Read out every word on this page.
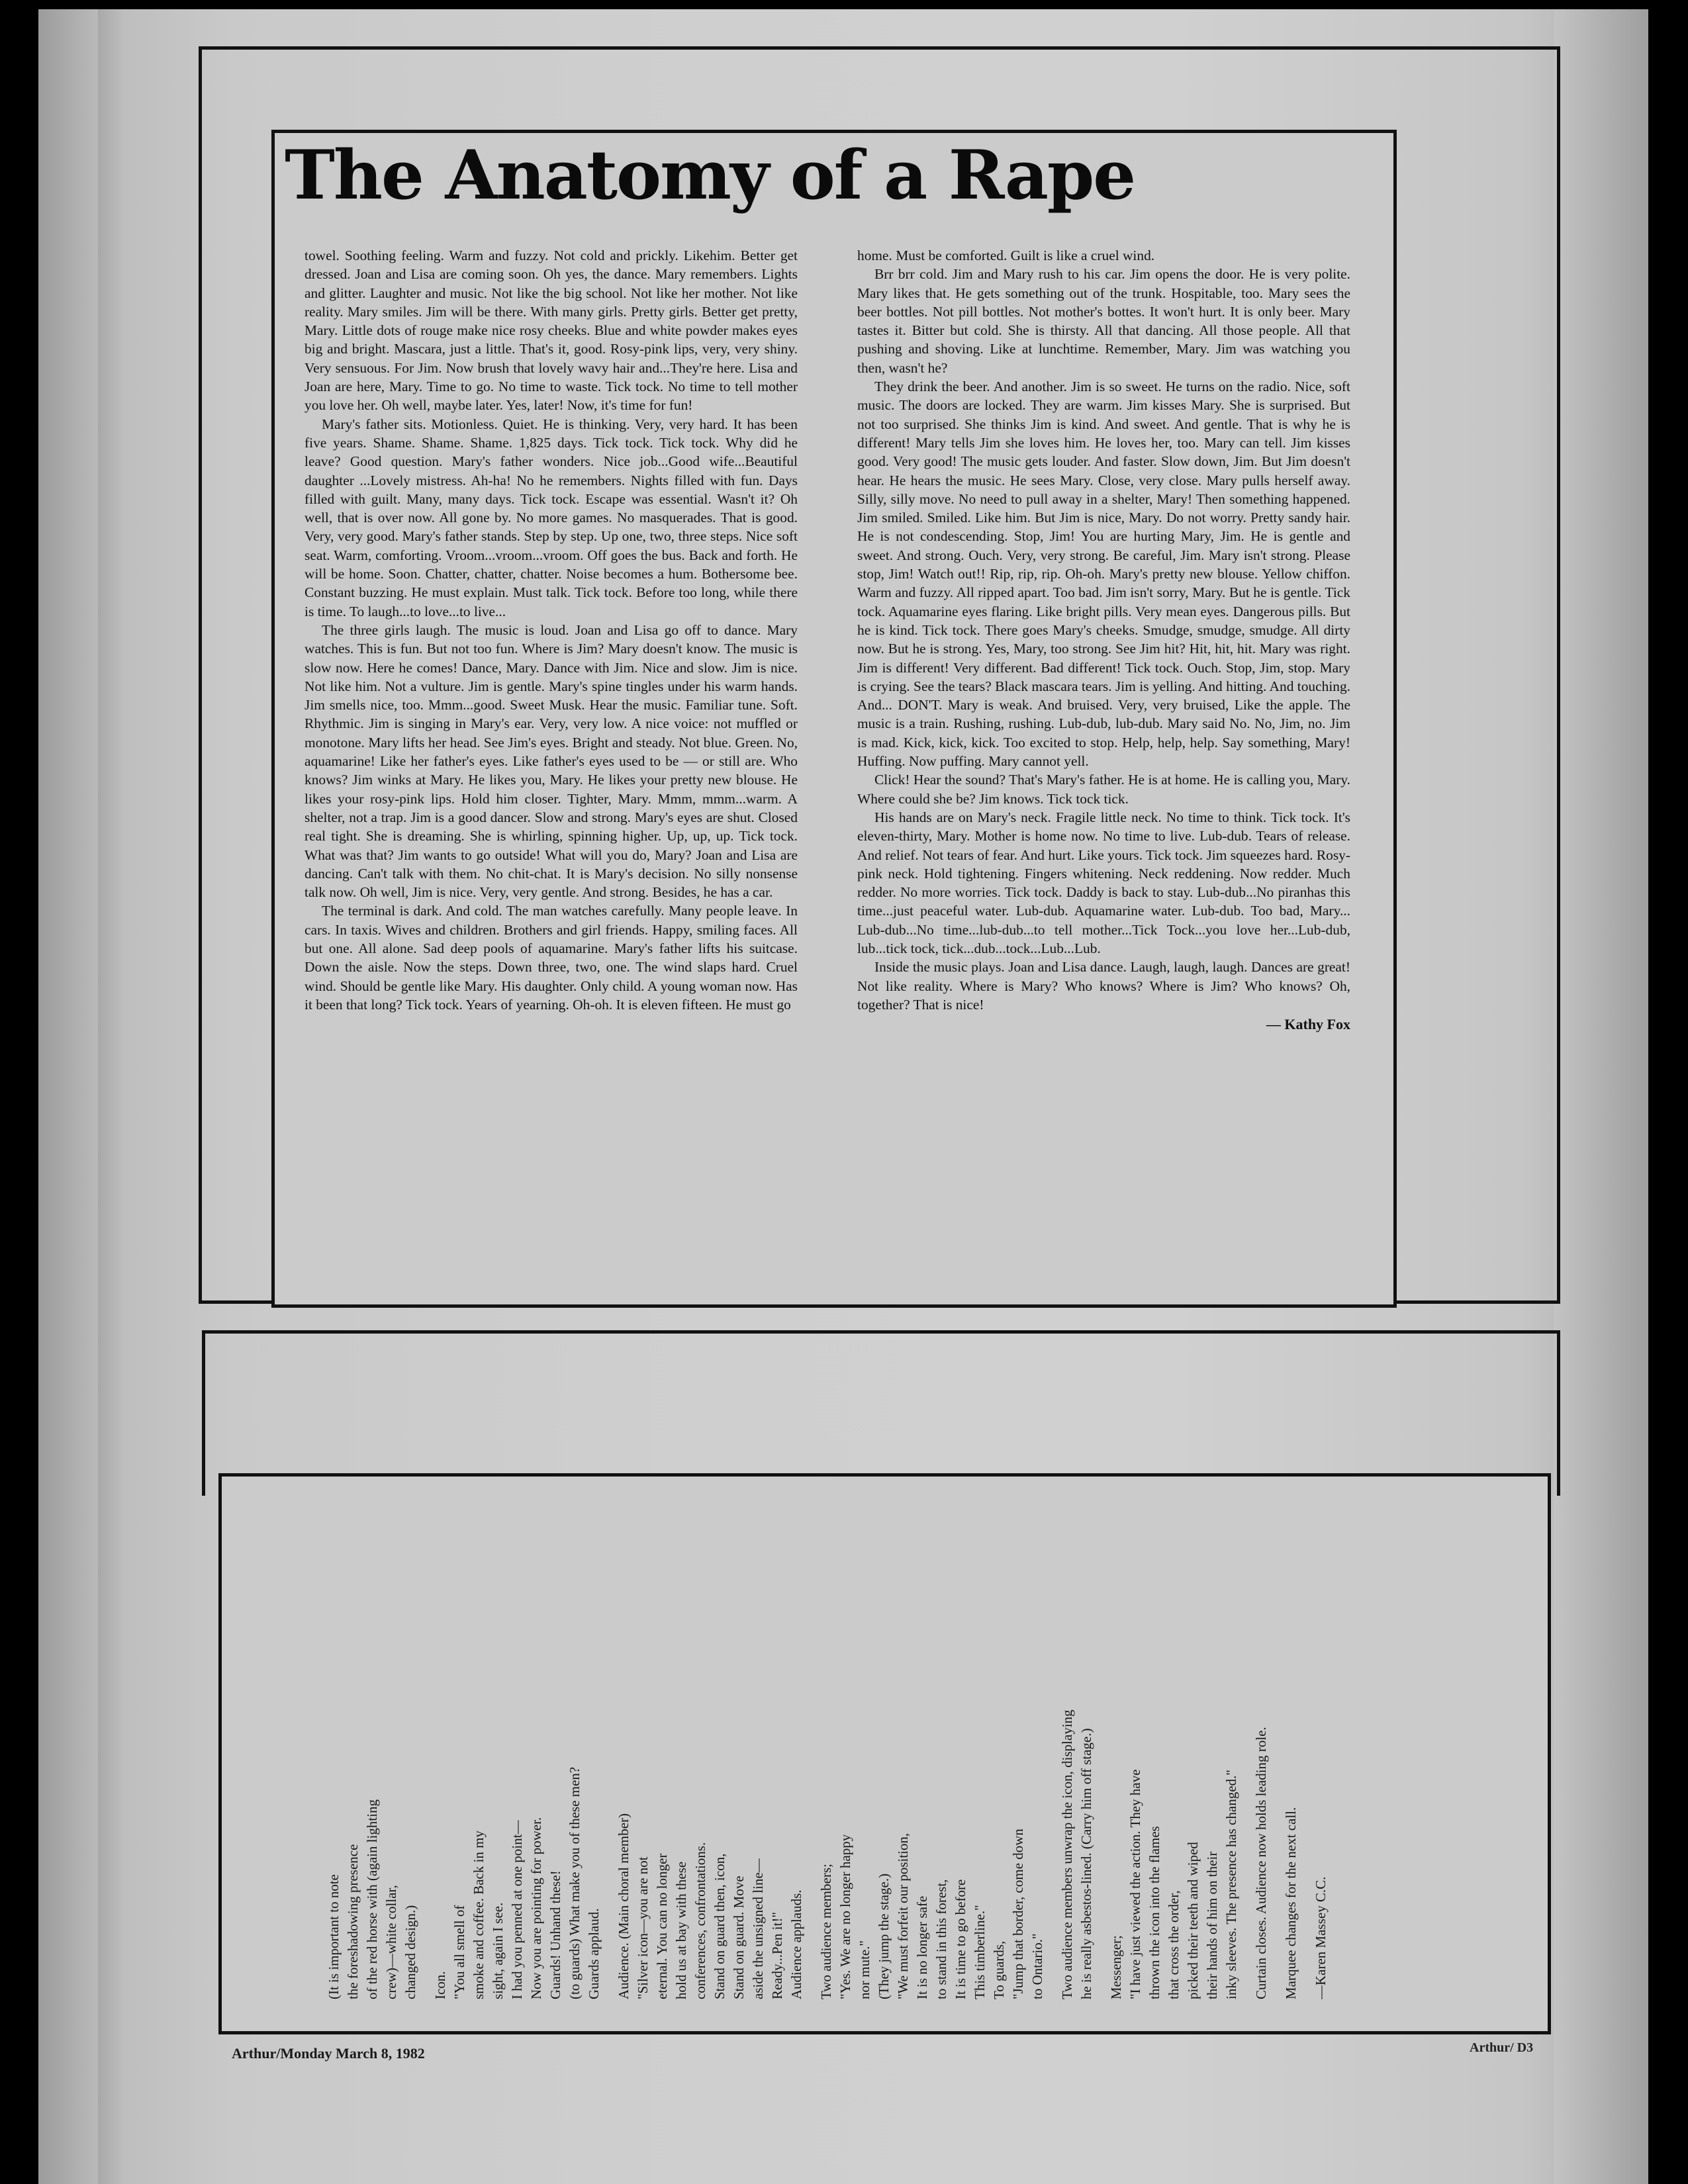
The Anatomy of a Rape

towel. Soothing feeling. Warm and fuzzy. Not cold and prickly. Likehim. Better get dressed. Joan and Lisa are coming soon. Oh yes, the dance. Mary remembers. Lights and glitter. Laughter and music. Not like the big school. Not like her mother. Not like reality. Mary smiles. Jim will be there. With many girls. Pretty girls. Better get pretty, Mary. Little dots of rouge make nice rosy cheeks. Blue and white powder makes eyes big and bright. Mascara, just a little. That's it, good. Rosy-pink lips, very, very shiny. Very sensuous. For Jim. Now brush that lovely wavy hair and...They're here. Lisa and Joan are here, Mary. Time to go. No time to waste. Tick tock. No time to tell mother you love her. Oh well, maybe later. Yes, later! Now, it's time for fun!

Mary's father sits. Motionless. Quiet. He is thinking. Very, very hard. It has been five years. Shame. Shame. Shame. 1,825 days. Tick tock. Tick tock. Why did he leave? Good question. Mary's father wonders. Nice job...Good wife...Beautiful daughter ...Lovely mistress. Ah-ha! No he remembers. Nights filled with fun. Days filled with guilt. Many, many days. Tick tock. Escape was essential. Wasn't it? Oh well, that is over now. All gone by. No more games. No masquerades. That is good. Very, very good. Mary's father stands. Step by step. Up one, two, three steps. Nice soft seat. Warm, comforting. Vroom...vroom...vroom. Off goes the bus. Back and forth. He will be home. Soon. Chatter, chatter, chatter. Noise becomes a hum. Bothersome bee. Constant buzzing. He must explain. Must talk. Tick tock. Before too long, while there is time. To laugh...to love...to live...

The three girls laugh. The music is loud. Joan and Lisa go off to dance. Mary watches. This is fun. But not too fun. Where is Jim? Mary doesn't know. The music is slow now. Here he comes! Dance, Mary. Dance with Jim. Nice and slow. Jim is nice. Not like him. Not a vulture. Jim is gentle. Mary's spine tingles under his warm hands. Jim smells nice, too. Mmm...good. Sweet Musk. Hear the music. Familiar tune. Soft. Rhythmic. Jim is singing in Mary's ear. Very, very low. A nice voice: not muffled or monotone. Mary lifts her head. See Jim's eyes. Bright and steady. Not blue. Green. No, aquamarine! Like her father's eyes. Like father's eyes used to be — or still are. Who knows? Jim winks at Mary. He likes you, Mary. He likes your pretty new blouse. He likes your rosy-pink lips. Hold him closer. Tighter, Mary. Mmm, mmm...warm. A shelter, not a trap. Jim is a good dancer. Slow and strong. Mary's eyes are shut. Closed real tight. She is dreaming. She is whirling, spinning higher. Up, up, up. Tick tock. What was that? Jim wants to go outside! What will you do, Mary? Joan and Lisa are dancing. Can't talk with them. No chit-chat. It is Mary's decision. No silly nonsense talk now. Oh well, Jim is nice. Very, very gentle. And strong. Besides, he has a car.

The terminal is dark. And cold. The man watches carefully. Many people leave. In cars. In taxis. Wives and children. Brothers and girl friends. Happy, smiling faces. All but one. All alone. Sad deep pools of aquamarine. Mary's father lifts his suitcase. Down the aisle. Now the steps. Down three, two, one. The wind slaps hard. Cruel wind. Should be gentle like Mary. His daughter. Only child. A young woman now. Has it been that long? Tick tock. Years of yearning. Oh-oh. It is eleven fifteen. He must go

home. Must be comforted. Guilt is like a cruel wind.

Brr brr cold. Jim and Mary rush to his car. Jim opens the door. He is very polite. Mary likes that. He gets something out of the trunk. Hospitable, too. Mary sees the beer bottles. Not pill bottles. Not mother's bottes. It won't hurt. It is only beer. Mary tastes it. Bitter but cold. She is thirsty. All that dancing. All those people. All that pushing and shoving. Like at lunchtime. Remember, Mary. Jim was watching you then, wasn't he?

They drink the beer. And another. Jim is so sweet. He turns on the radio. Nice, soft music. The doors are locked. They are warm. Jim kisses Mary. She is surprised. But not too surprised. She thinks Jim is kind. And sweet. And gentle. That is why he is different! Mary tells Jim she loves him. He loves her, too. Mary can tell. Jim kisses good. Very good! The music gets louder. And faster. Slow down, Jim. But Jim doesn't hear. He hears the music. He sees Mary. Close, very close. Mary pulls herself away. Silly, silly move. No need to pull away in a shelter, Mary! Then something happened. Jim smiled. Smiled. Like him. But Jim is nice, Mary. Do not worry. Pretty sandy hair. He is not condescending. Stop, Jim! You are hurting Mary, Jim. He is gentle and sweet. And strong. Ouch. Very, very strong. Be careful, Jim. Mary isn't strong. Please stop, Jim! Watch out!! Rip, rip, rip. Oh-oh. Mary's pretty new blouse. Yellow chiffon. Warm and fuzzy. All ripped apart. Too bad. Jim isn't sorry, Mary. But he is gentle. Tick tock. Aquamarine eyes flaring. Like bright pills. Very mean eyes. Dangerous pills. But he is kind. Tick tock. There goes Mary's cheeks. Smudge, smudge, smudge. All dirty now. But he is strong. Yes, Mary, too strong. See Jim hit? Hit, hit, hit. Mary was right. Jim is different! Very different. Bad different! Tick tock. Ouch. Stop, Jim, stop. Mary is crying. See the tears? Black mascara tears. Jim is yelling. And hitting. And touching. And... DON'T. Mary is weak. And bruised. Very, very bruised, Like the apple. The music is a train. Rushing, rushing. Lub-dub, lub-dub. Mary said No. No, Jim, no. Jim is mad. Kick, kick, kick. Too excited to stop. Help, help, help. Say something, Mary! Huffing. Now puffing. Mary cannot yell.

Click! Hear the sound? That's Mary's father. He is at home. He is calling you, Mary. Where could she be? Jim knows. Tick tock tick.

His hands are on Mary's neck. Fragile little neck. No time to think. Tick tock. It's eleven-thirty, Mary. Mother is home now. No time to live. Lub-dub. Tears of release. And relief. Not tears of fear. And hurt. Like yours. Tick tock. Jim squeezes hard. Rosy-pink neck. Hold tightening. Fingers whitening. Neck reddening. Now redder. Much redder. No more worries. Tick tock. Daddy is back to stay. Lub-dub...No piranhas this time...just peaceful water. Lub-dub. Aquamarine water. Lub-dub. Too bad, Mary... Lub-dub...No time...lub-dub...to tell mother...Tick Tock...you love her...Lub-dub, lub...tick tock, tick...dub...tock...Lub...Lub.

Inside the music plays. Joan and Lisa dance. Laugh, laugh, laugh. Dances are great! Not like reality. Where is Mary? Who knows? Where is Jim? Who knows? Oh, together? That is nice!

— Kathy Fox
(It is important to note the foreshadowing presence of the red horse with (again lighting crew)—white collar, changed design.) Icon. "You all smell of smoke and coffee. Back in my sight, again I see. I had you penned at one point— Now you are pointing for power. Guards! Unhand these! (to guards) What make you of these men? Guards applaud. Audience. (Main choral member) "Silver icon—you are not eternal. You can no longer hold us at bay with these conferences, confrontations. Stand on guard then, icon, Stand on guard. Move aside the unsigned line— Ready...Pen it!" Audience applauds. Two audience members; "Yes. We are no longer happy nor mute." (They jump the stage.) "We must forfeit our position, It is no longer safe to stand in this forest, It is time to go before This timberline." To guards, "Jump that border, come down to Ontario." Two audience members unwrap the icon, displaying he is really asbestos-lined. (Carry him off stage.) Messenger; "I have just viewed the action. They have thrown the icon into the flames that cross the order, picked their teeth and wiped their hands of him on their inky sleeves. The presence has changed." Curtain closes. Audience now holds leading role. Marquee changes for the next call. —Karen Massey C.C.
Arthur/Monday March 8, 1982	Arthur/ D3
